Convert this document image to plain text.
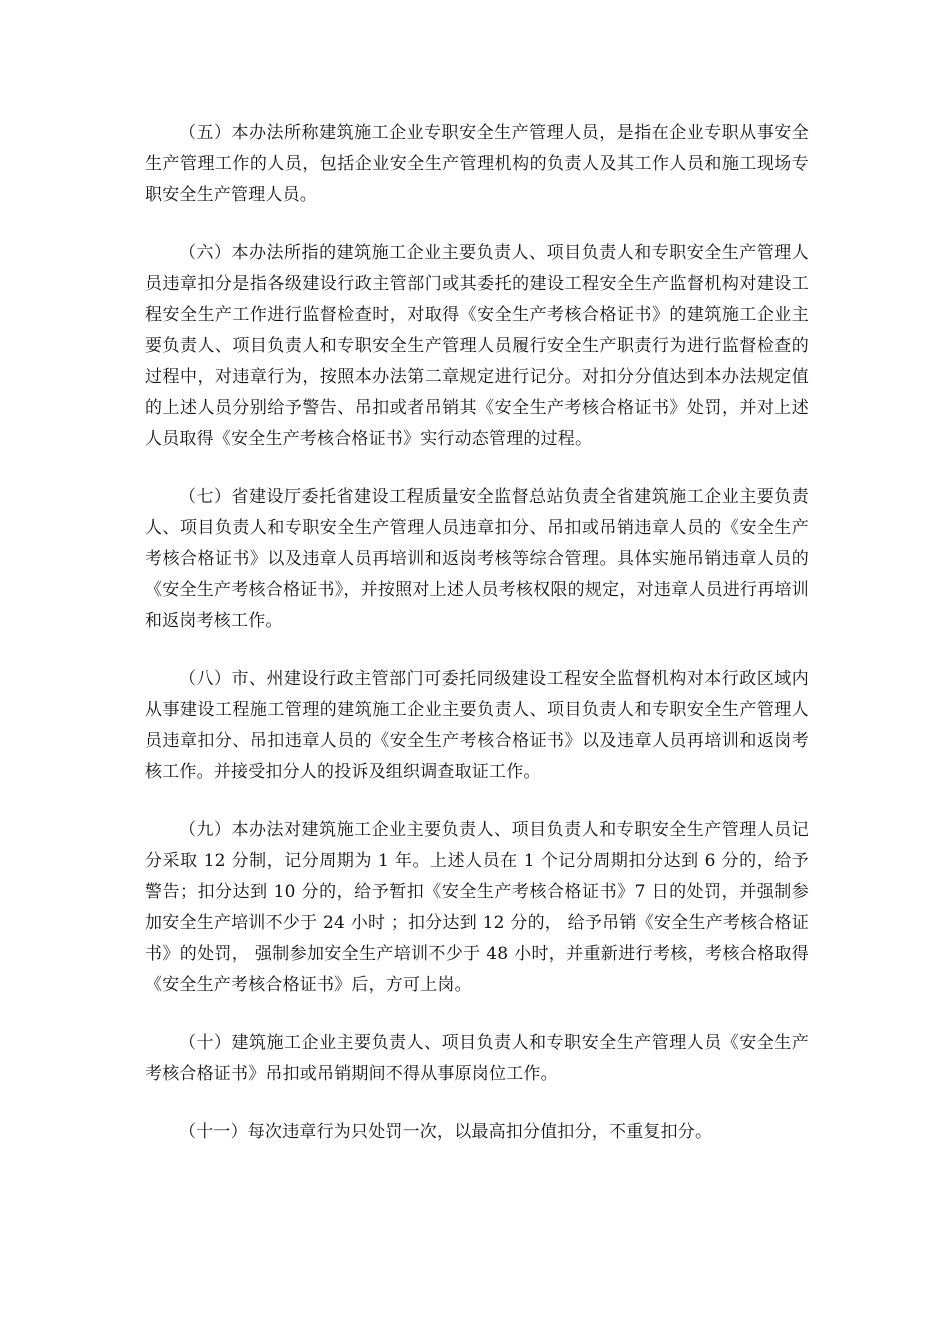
（五）本办法所称建筑施工企业专职安全生产管理人员，是指在企业专职从事安全生产管理工作的人员，包括企业安全生产管理机构的负责人及其工作人员和施工现场专职安全生产管理人员。

（六）本办法所指的建筑施工企业主要负责人、项目负责人和专职安全生产管理人员违章扣分是指各级建设行政主管部门或其委托的建设工程安全生产监督机构对建设工程安全生产工作进行监督检查时，对取得《安全生产考核合格证书》的建筑施工企业主要负责人、项目负责人和专职安全生产管理人员履行安全生产职责行为进行监督检查的过程中，对违章行为，按照本办法第二章规定进行记分。对扣分分值达到本办法规定值的上述人员分别给予警告、吊扣或者吊销其《安全生产考核合格证书》处罚，并对上述人员取得《安全生产考核合格证书》实行动态管理的过程。

（七）省建设厅委托省建设工程质量安全监督总站负责全省建筑施工企业主要负责人、项目负责人和专职安全生产管理人员违章扣分、吊扣或吊销违章人员的《安全生产考核合格证书》以及违章人员再培训和返岗考核等综合管理。具体实施吊销违章人员的《安全生产考核合格证书》，并按照对上述人员考核权限的规定，对违章人员进行再培训和返岗考核工作。

（八）市、州建设行政主管部门可委托同级建设工程安全监督机构对本行政区域内从事建设工程施工管理的建筑施工企业主要负责人、项目负责人和专职安全生产管理人员违章扣分、吊扣违章人员的《安全生产考核合格证书》以及违章人员再培训和返岗考核工作。并接受扣分人的投诉及组织调查取证工作。

（九）本办法对建筑施工企业主要负责人、项目负责人和专职安全生产管理人员记分采取 12 分制，记分周期为 1 年。上述人员在 1 个记分周期扣分达到 6 分的，给予警告；扣分达到 10 分的，给予暂扣《安全生产考核合格证书》7 日的处罚，并强制参加安全生产培训不少于 24 小时 ；扣分达到 12 分的， 给予吊销《安全生产考核合格证书》的处罚， 强制参加安全生产培训不少于 48 小时，并重新进行考核，考核合格取得《安全生产考核合格证书》后，方可上岗。

（十）建筑施工企业主要负责人、项目负责人和专职安全生产管理人员《安全生产考核合格证书》吊扣或吊销期间不得从事原岗位工作。

（十一）每次违章行为只处罚一次，以最高扣分值扣分，不重复扣分。
